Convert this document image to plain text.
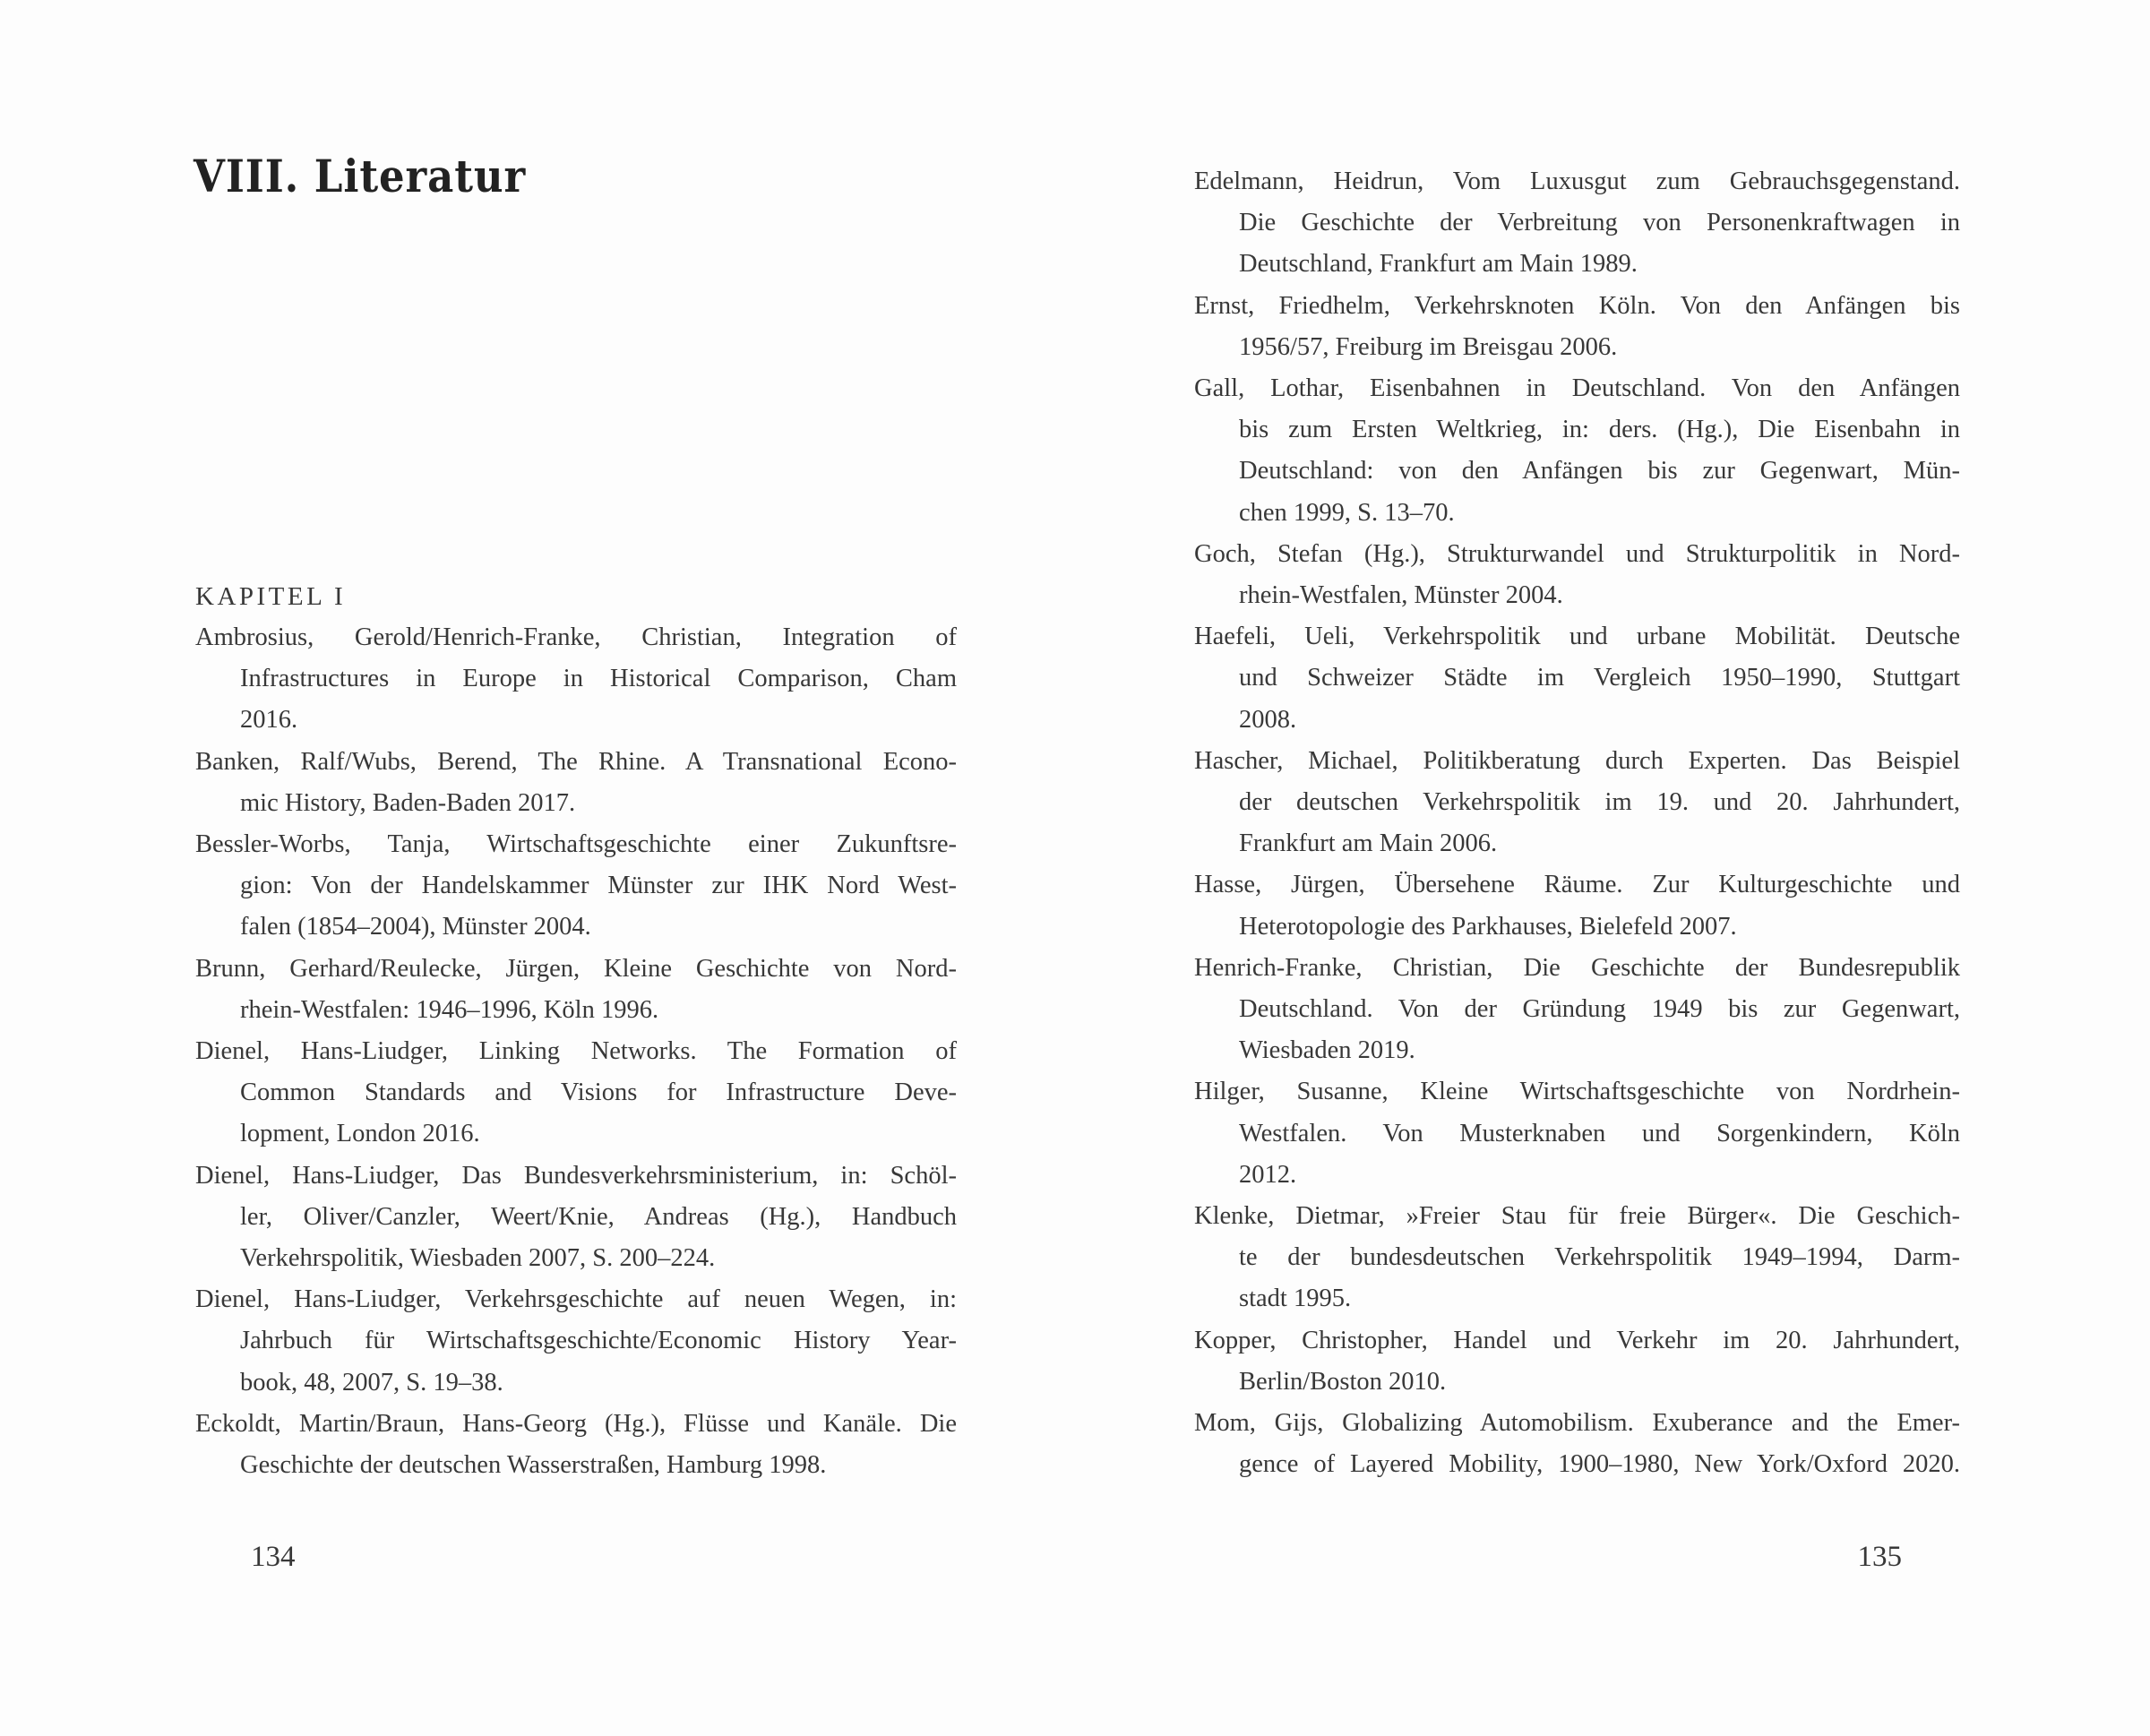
VIII. Literatur
KAPITEL I
Ambrosius, Gerold/Henrich-Franke, Christian, Integration of
Infrastructures in Europe in Historical Comparison, Cham
2016.
Banken, Ralf/Wubs, Berend, The Rhine. A Transnational Econo-
mic History, Baden-Baden 2017.
Bessler-Worbs, Tanja, Wirtschaftsgeschichte einer Zukunftsre-
gion: Von der Handelskammer Münster zur IHK Nord West-
falen (1854–2004), Münster 2004.
Brunn, Gerhard/Reulecke, Jürgen, Kleine Geschichte von Nord-
rhein-Westfalen: 1946–1996, Köln 1996.
Dienel, Hans-Liudger, Linking Networks. The Formation of
Common Standards and Visions for Infrastructure Deve-
lopment, London 2016.
Dienel, Hans-Liudger, Das Bundesverkehrsministerium, in: Schöl-
ler, Oliver/Canzler, Weert/Knie, Andreas (Hg.), Handbuch
Verkehrspolitik, Wiesbaden 2007, S. 200–224.
Dienel, Hans-Liudger, Verkehrsgeschichte auf neuen Wegen, in:
Jahrbuch für Wirtschaftsgeschichte/Economic History Year-
book, 48, 2007, S. 19–38.
Eckoldt, Martin/Braun, Hans-Georg (Hg.), Flüsse und Kanäle. Die
Geschichte der deutschen Wasserstraßen, Hamburg 1998.
134
Edelmann, Heidrun, Vom Luxusgut zum Gebrauchsgegenstand.
Die Geschichte der Verbreitung von Personenkraftwagen in
Deutschland, Frankfurt am Main 1989.
Ernst, Friedhelm, Verkehrsknoten Köln. Von den Anfängen bis
1956/57, Freiburg im Breisgau 2006.
Gall, Lothar, Eisenbahnen in Deutschland. Von den Anfängen
bis zum Ersten Weltkrieg, in: ders. (Hg.), Die Eisenbahn in
Deutschland: von den Anfängen bis zur Gegenwart, Mün-
chen 1999, S. 13–70.
Goch, Stefan (Hg.), Strukturwandel und Strukturpolitik in Nord-
rhein-Westfalen, Münster 2004.
Haefeli, Ueli, Verkehrspolitik und urbane Mobilität. Deutsche
und Schweizer Städte im Vergleich 1950–1990, Stuttgart
2008.
Hascher, Michael, Politikberatung durch Experten. Das Beispiel
der deutschen Verkehrspolitik im 19. und 20. Jahrhundert,
Frankfurt am Main 2006.
Hasse, Jürgen, Übersehene Räume. Zur Kulturgeschichte und
Heterotopologie des Parkhauses, Bielefeld 2007.
Henrich-Franke, Christian, Die Geschichte der Bundesrepublik
Deutschland. Von der Gründung 1949 bis zur Gegenwart,
Wiesbaden 2019.
Hilger, Susanne, Kleine Wirtschaftsgeschichte von Nordrhein-
Westfalen. Von Musterknaben und Sorgenkindern, Köln
2012.
Klenke, Dietmar, »Freier Stau für freie Bürger«. Die Geschich-
te der bundesdeutschen Verkehrspolitik 1949–1994, Darm-
stadt 1995.
Kopper, Christopher, Handel und Verkehr im 20. Jahrhundert,
Berlin/Boston 2010.
Mom, Gijs, Globalizing Automobilism. Exuberance and the Emer-
gence of Layered Mobility, 1900–1980, New York/Oxford 2020.
135
